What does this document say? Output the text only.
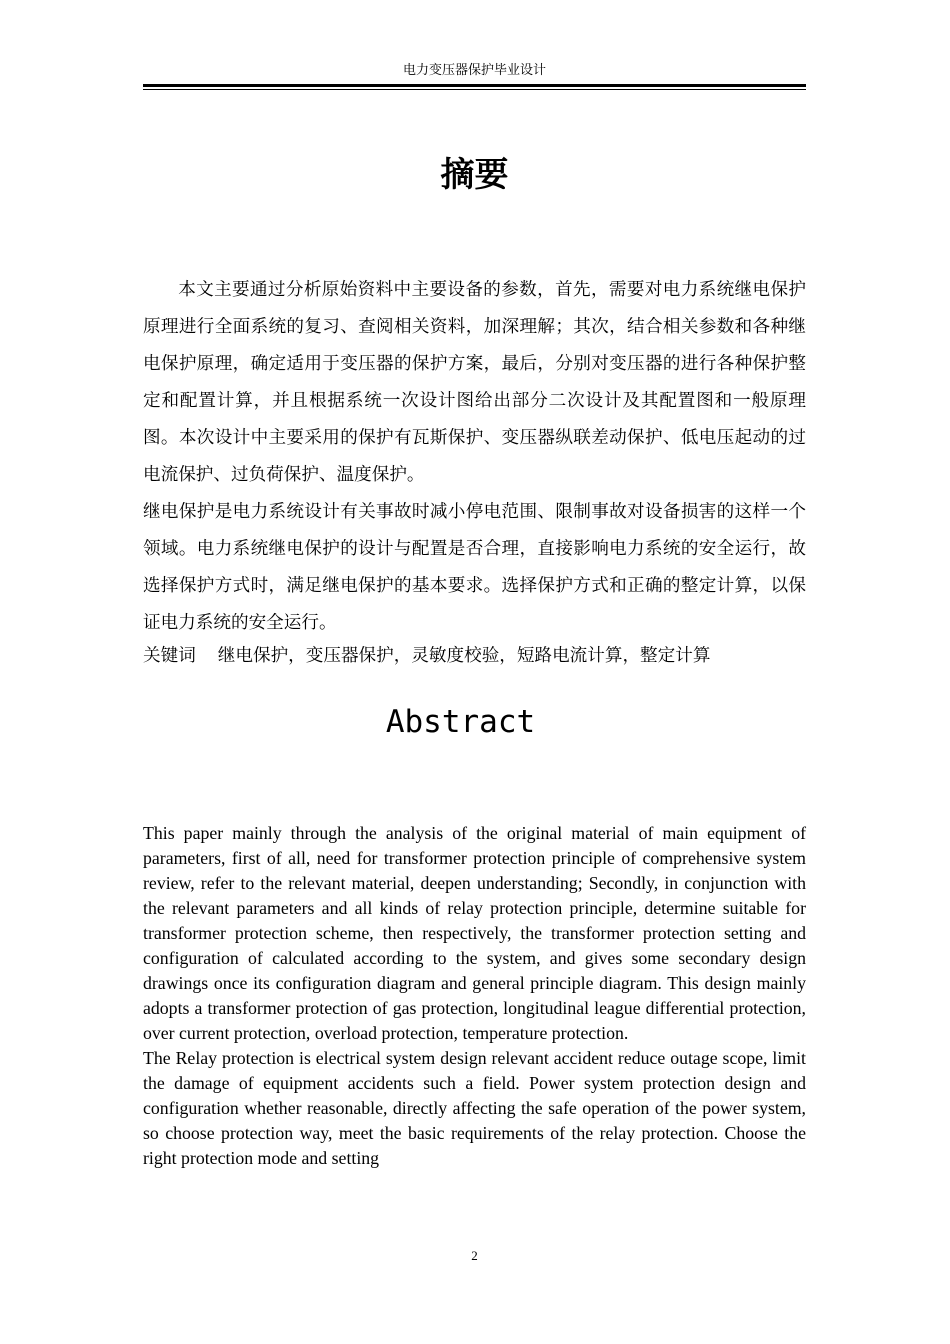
电力变压器保护毕业设计
摘要

本文主要通过分析原始资料中主要设备的参数，首先，需要对电力系统继电保护原理进行全面系统的复习、查阅相关资料，加深理解；其次，结合相关参数和各种继电保护原理，确定适用于变压器的保护方案，最后，分别对变压器的进行各种保护整定和配置计算，并且根据系统一次设计图给出部分二次设计及其配置图和一般原理图。本次设计中主要采用的保护有瓦斯保护、变压器纵联差动保护、低电压起动的过电流保护、过负荷保护、温度保护。

继电保护是电力系统设计有关事故时减小停电范围、限制事故对设备损害的这样一个领域。电力系统继电保护的设计与配置是否合理，直接影响电力系统的安全运行，故选择保护方式时，满足继电保护的基本要求。选择保护方式和正确的整定计算，以保证电力系统的安全运行。

关键词 继电保护，变压器保护，灵敏度校验，短路电流计算，整定计算
Abstract

This paper mainly through the analysis of the original material of main equipment of parameters, first of all, need for transformer protection principle of comprehensive system review, refer to the relevant material, deepen understanding; Secondly, in conjunction with the relevant parameters and all kinds of relay protection principle, determine suitable for transformer protection scheme, then respectively, the transformer protection setting and configuration of calculated according to the system, and gives some secondary design drawings once its configuration diagram and general principle diagram. This design mainly adopts a transformer protection of gas protection, longitudinal league differential protection, over current protection, overload protection, temperature protection.

The Relay protection is electrical system design relevant accident reduce outage scope, limit the damage of equipment accidents such a field. Power system protection design and configuration whether reasonable, directly affecting the safe operation of the power system, so choose protection way, meet the basic requirements of the relay protection. Choose the right protection mode and setting

2
